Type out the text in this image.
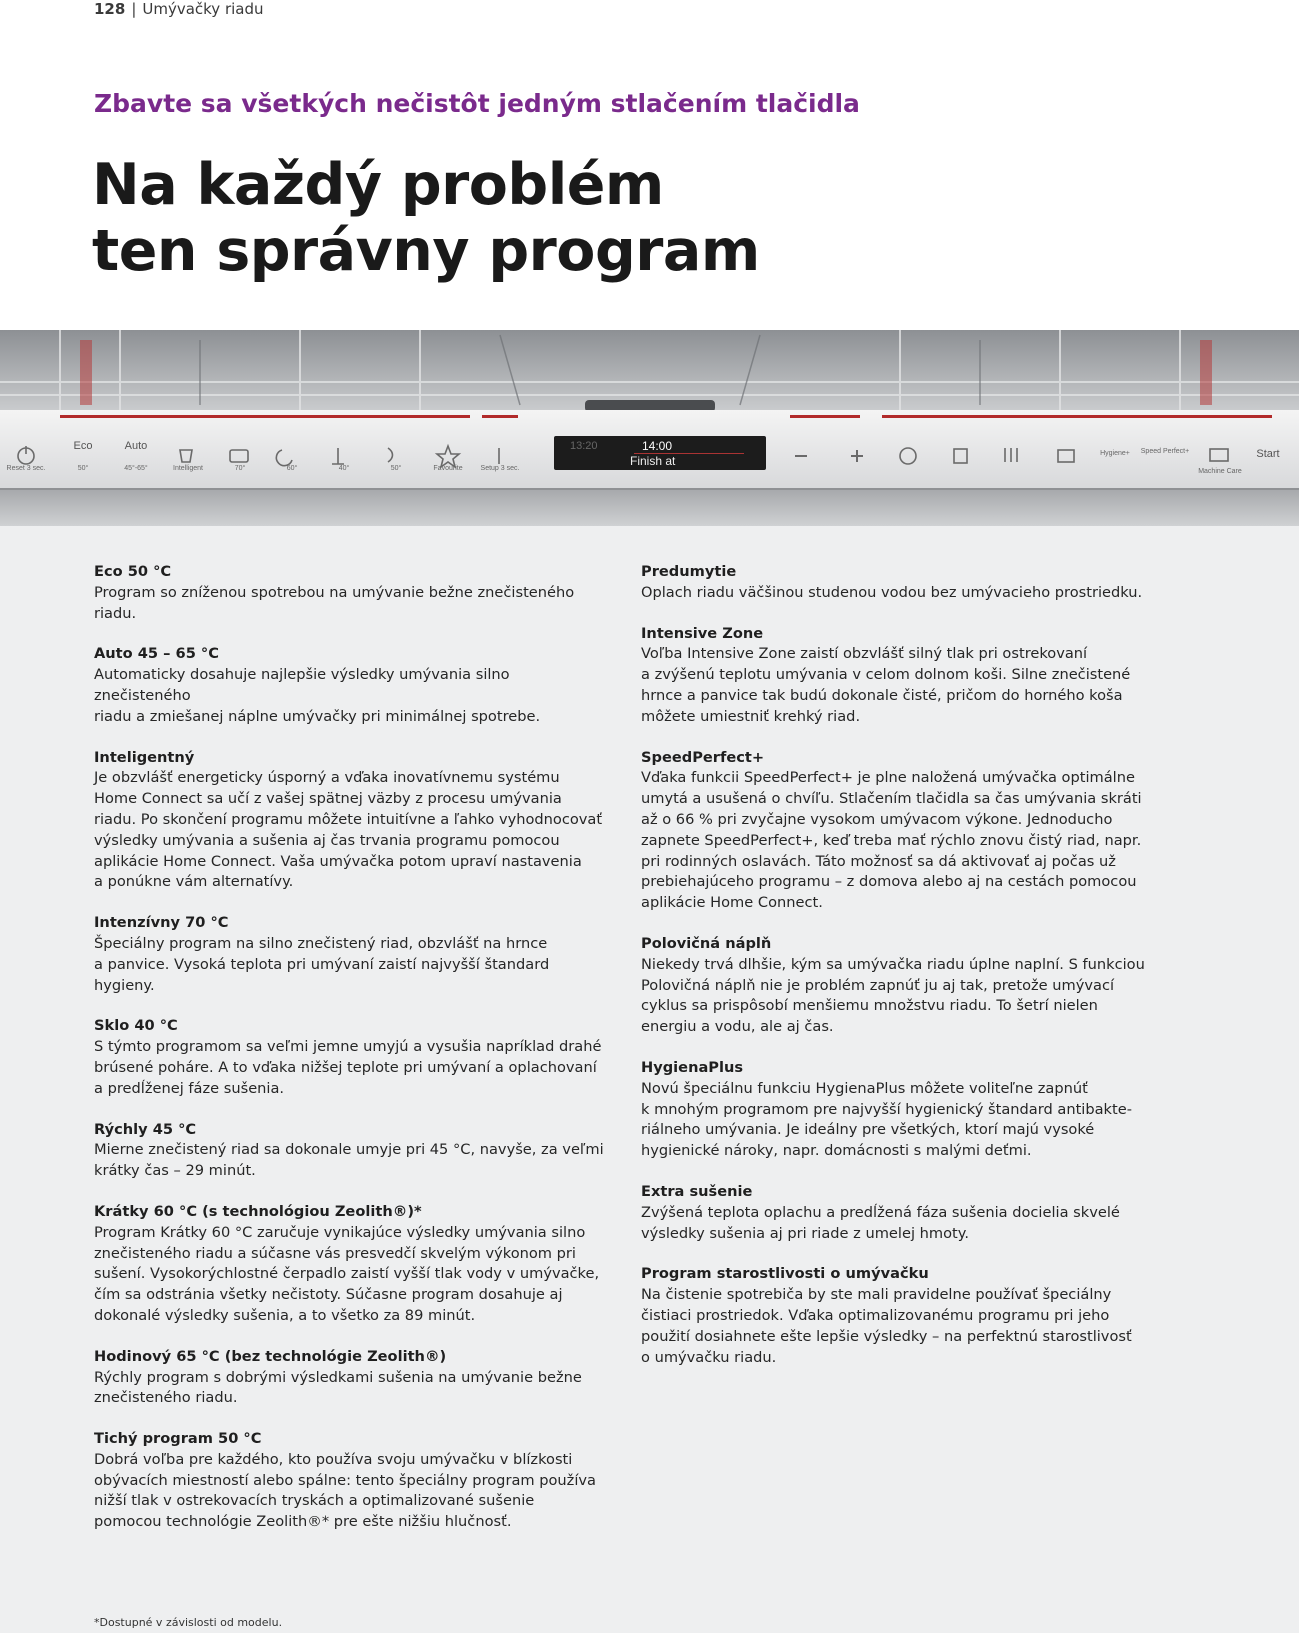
128 | Umývačky riadu
Zbavte sa všetkých nečistôt jedným stlačením tlačidla
Na každý problém
ten správny program
Eco	Auto
Reset 3 sec.	50°	45°-65°	Intelligent	70°	60°	40°	50°	Favourite	Setup 3 sec.
13:20	14:00
Finish at
Hygiene+	Speed Perfect+
Machine Care
Start
Eco 50 °C
Program so zníženou spotrebou na umývanie bežne znečisteného
riadu.
Auto 45 – 65 °C
Automaticky dosahuje najlepšie výsledky umývania silno znečisteného
riadu a zmiešanej náplne umývačky pri minimálnej spotrebe.
Inteligentný
Je obzvlášť energeticky úsporný a vďaka inovatívnemu systému
Home Connect sa učí z vašej spätnej väzby z procesu umývania
riadu. Po skončení programu môžete intuitívne a ľahko vyhodnocovať
výsledky umývania a sušenia aj čas trvania programu pomocou
aplikácie Home Connect. Vaša umývačka potom upraví nastavenia
a ponúkne vám alternatívy.
Intenzívny 70 °C
Špeciálny program na silno znečistený riad, obzvlášť na hrnce
a panvice. Vysoká teplota pri umývaní zaistí najvyšší štandard hygieny.
Sklo 40 °C
S týmto programom sa veľmi jemne umyjú a vysušia napríklad drahé
brúsené poháre. A to vďaka nižšej teplote pri umývaní a oplachovaní
a predĺženej fáze sušenia.
Rýchly 45 °C
Mierne znečistený riad sa dokonale umyje pri 45 °C, navyše, za veľmi
krátky čas – 29 minút.
Krátky 60 °C (s technológiou Zeolith®)*
Program Krátky 60 °C zaručuje vynikajúce výsledky umývania silno
znečisteného riadu a súčasne vás presvedčí skvelým výkonom pri
sušení. Vysokorýchlostné čerpadlo zaistí vyšší tlak vody v umývačke,
čím sa odstránia všetky nečistoty. Súčasne program dosahuje aj
dokonalé výsledky sušenia, a to všetko za 89 minút.
Hodinový 65 °C (bez technológie Zeolith®)
Rýchly program s dobrými výsledkami sušenia na umývanie bežne
znečisteného riadu.
Tichý program 50 °C
Dobrá voľba pre každého, kto používa svoju umývačku v blízkosti
obývacích miestností alebo spálne: tento špeciálny program používa
nižší tlak v ostrekovacích tryskách a optimalizované sušenie
pomocou technológie Zeolith®* pre ešte nižšiu hlučnosť.
Predumytie
Oplach riadu väčšinou studenou vodou bez umývacieho prostriedku.
Intensive Zone
Voľba Intensive Zone zaistí obzvlášť silný tlak pri ostrekovaní
a zvýšenú teplotu umývania v celom dolnom koši. Silne znečistené
hrnce a panvice tak budú dokonale čisté, pričom do horného koša
môžete umiestniť krehký riad.
SpeedPerfect+
Vďaka funkcii SpeedPerfect+ je plne naložená umývačka optimálne
umytá a usušená o chvíľu. Stlačením tlačidla sa čas umývania skráti
až o 66 % pri zvyčajne vysokom umývacom výkone. Jednoducho
zapnete SpeedPerfect+, keď treba mať rýchlo znovu čistý riad, napr.
pri rodinných oslavách. Táto možnosť sa dá aktivovať aj počas už
prebiehajúceho programu – z domova alebo aj na cestách pomocou
aplikácie Home Connect.
Polovičná náplň
Niekedy trvá dlhšie, kým sa umývačka riadu úplne naplní. S funkciou
Polovičná náplň nie je problém zapnúť ju aj tak, pretože umývací
cyklus sa prispôsobí menšiemu množstvu riadu. To šetrí nielen
energiu a vodu, ale aj čas.
HygienaPlus
Novú špeciálnu funkciu HygienaPlus môžete voliteľne zapnúť
k mnohým programom pre najvyšší hygienický štandard antibakte-
riálneho umývania. Je ideálny pre všetkých, ktorí majú vysoké
hygienické nároky, napr. domácnosti s malými deťmi.
Extra sušenie
Zvýšená teplota oplachu a predĺžená fáza sušenia docielia skvelé
výsledky sušenia aj pri riade z umelej hmoty.
Program starostlivosti o umývačku
Na čistenie spotrebiča by ste mali pravidelne používať špeciálny
čistiaci prostriedok. Vďaka optimalizovanému programu pri jeho
použití dosiahnete ešte lepšie výsledky – na perfektnú starostlivosť
o umývačku riadu.
*Dostupné v závislosti od modelu.
